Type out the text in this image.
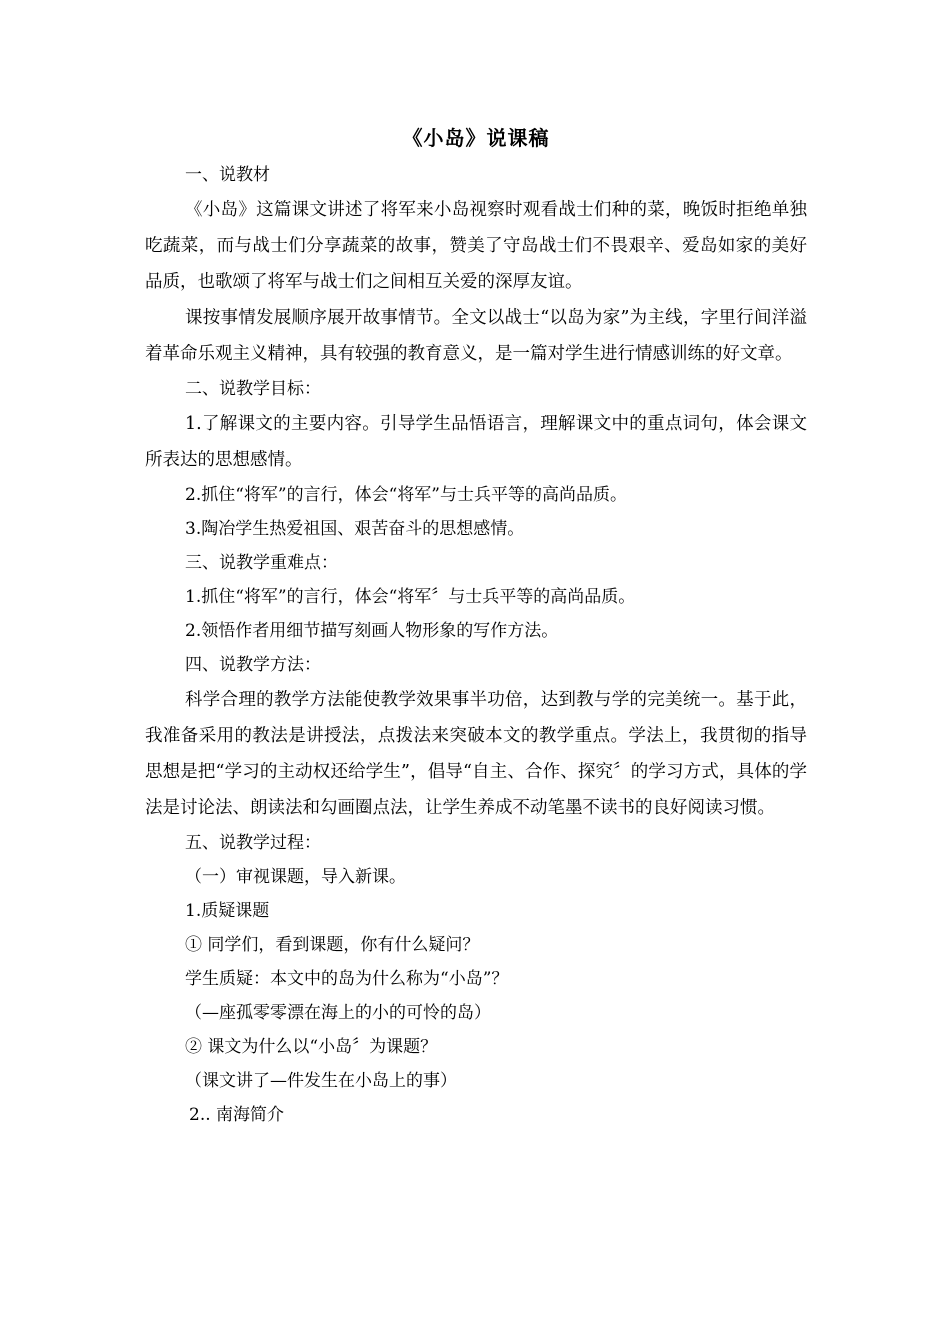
《小岛》说课稿
一、说教材

《小岛》这篇课文讲述了将军来小岛视察时观看战士们种的菜，晚饭时拒绝单独吃蔬菜，而与战士们分享蔬菜的故事，赞美了守岛战士们不畏艰辛、爱岛如家的美好品质，也歌颂了将军与战士们之间相互关爱的深厚友谊。

课按事情发展顺序展开故事情节。全文以战士“以岛为家”为主线，字里行间洋溢着革命乐观主义精神，具有较强的教育意义，是一篇对学生进行情感训练的好文章。

二、说教学目标：

1.了解课文的主要内容。引导学生品悟语言，理解课文中的重点词句，体会课文所表达的思想感情。

2.抓住“将军”的言行，体会“将军”与士兵平等的高尚品质。
3.陶冶学生热爱祖国、艰苦奋斗的思想感情。
三、说教学重难点：
1.抓住“将军”的言行，体会“将军〞与士兵平等的高尚品质。
2.领悟作者用细节描写刻画人物形象的写作方法。
四、说教学方法：

科学合理的教学方法能使教学效果事半功倍，达到教与学的完美统一。基于此，我准备采用的教法是讲授法，点拨法来突破本文的教学重点。学法上，我贯彻的指导思想是把“学习的主动权还给学生”，倡导“自主、合作、探究〞的学习方式，具体的学法是讨论法、朗读法和勾画圈点法，让学生养成不动笔墨不读书的良好阅读习惯。

五、说教学过程：
（一）审视课题，导入新课。
1.质疑课题
① 同学们，看到课题，你有什么疑问？
学生质疑：本文中的岛为什么称为“小岛”？
（—座孤零零漂在海上的小的可怜的岛）
② 课文为什么以“小岛〞为课题？
（课文讲了—件发生在小岛上的事）
2.. 南海简介
